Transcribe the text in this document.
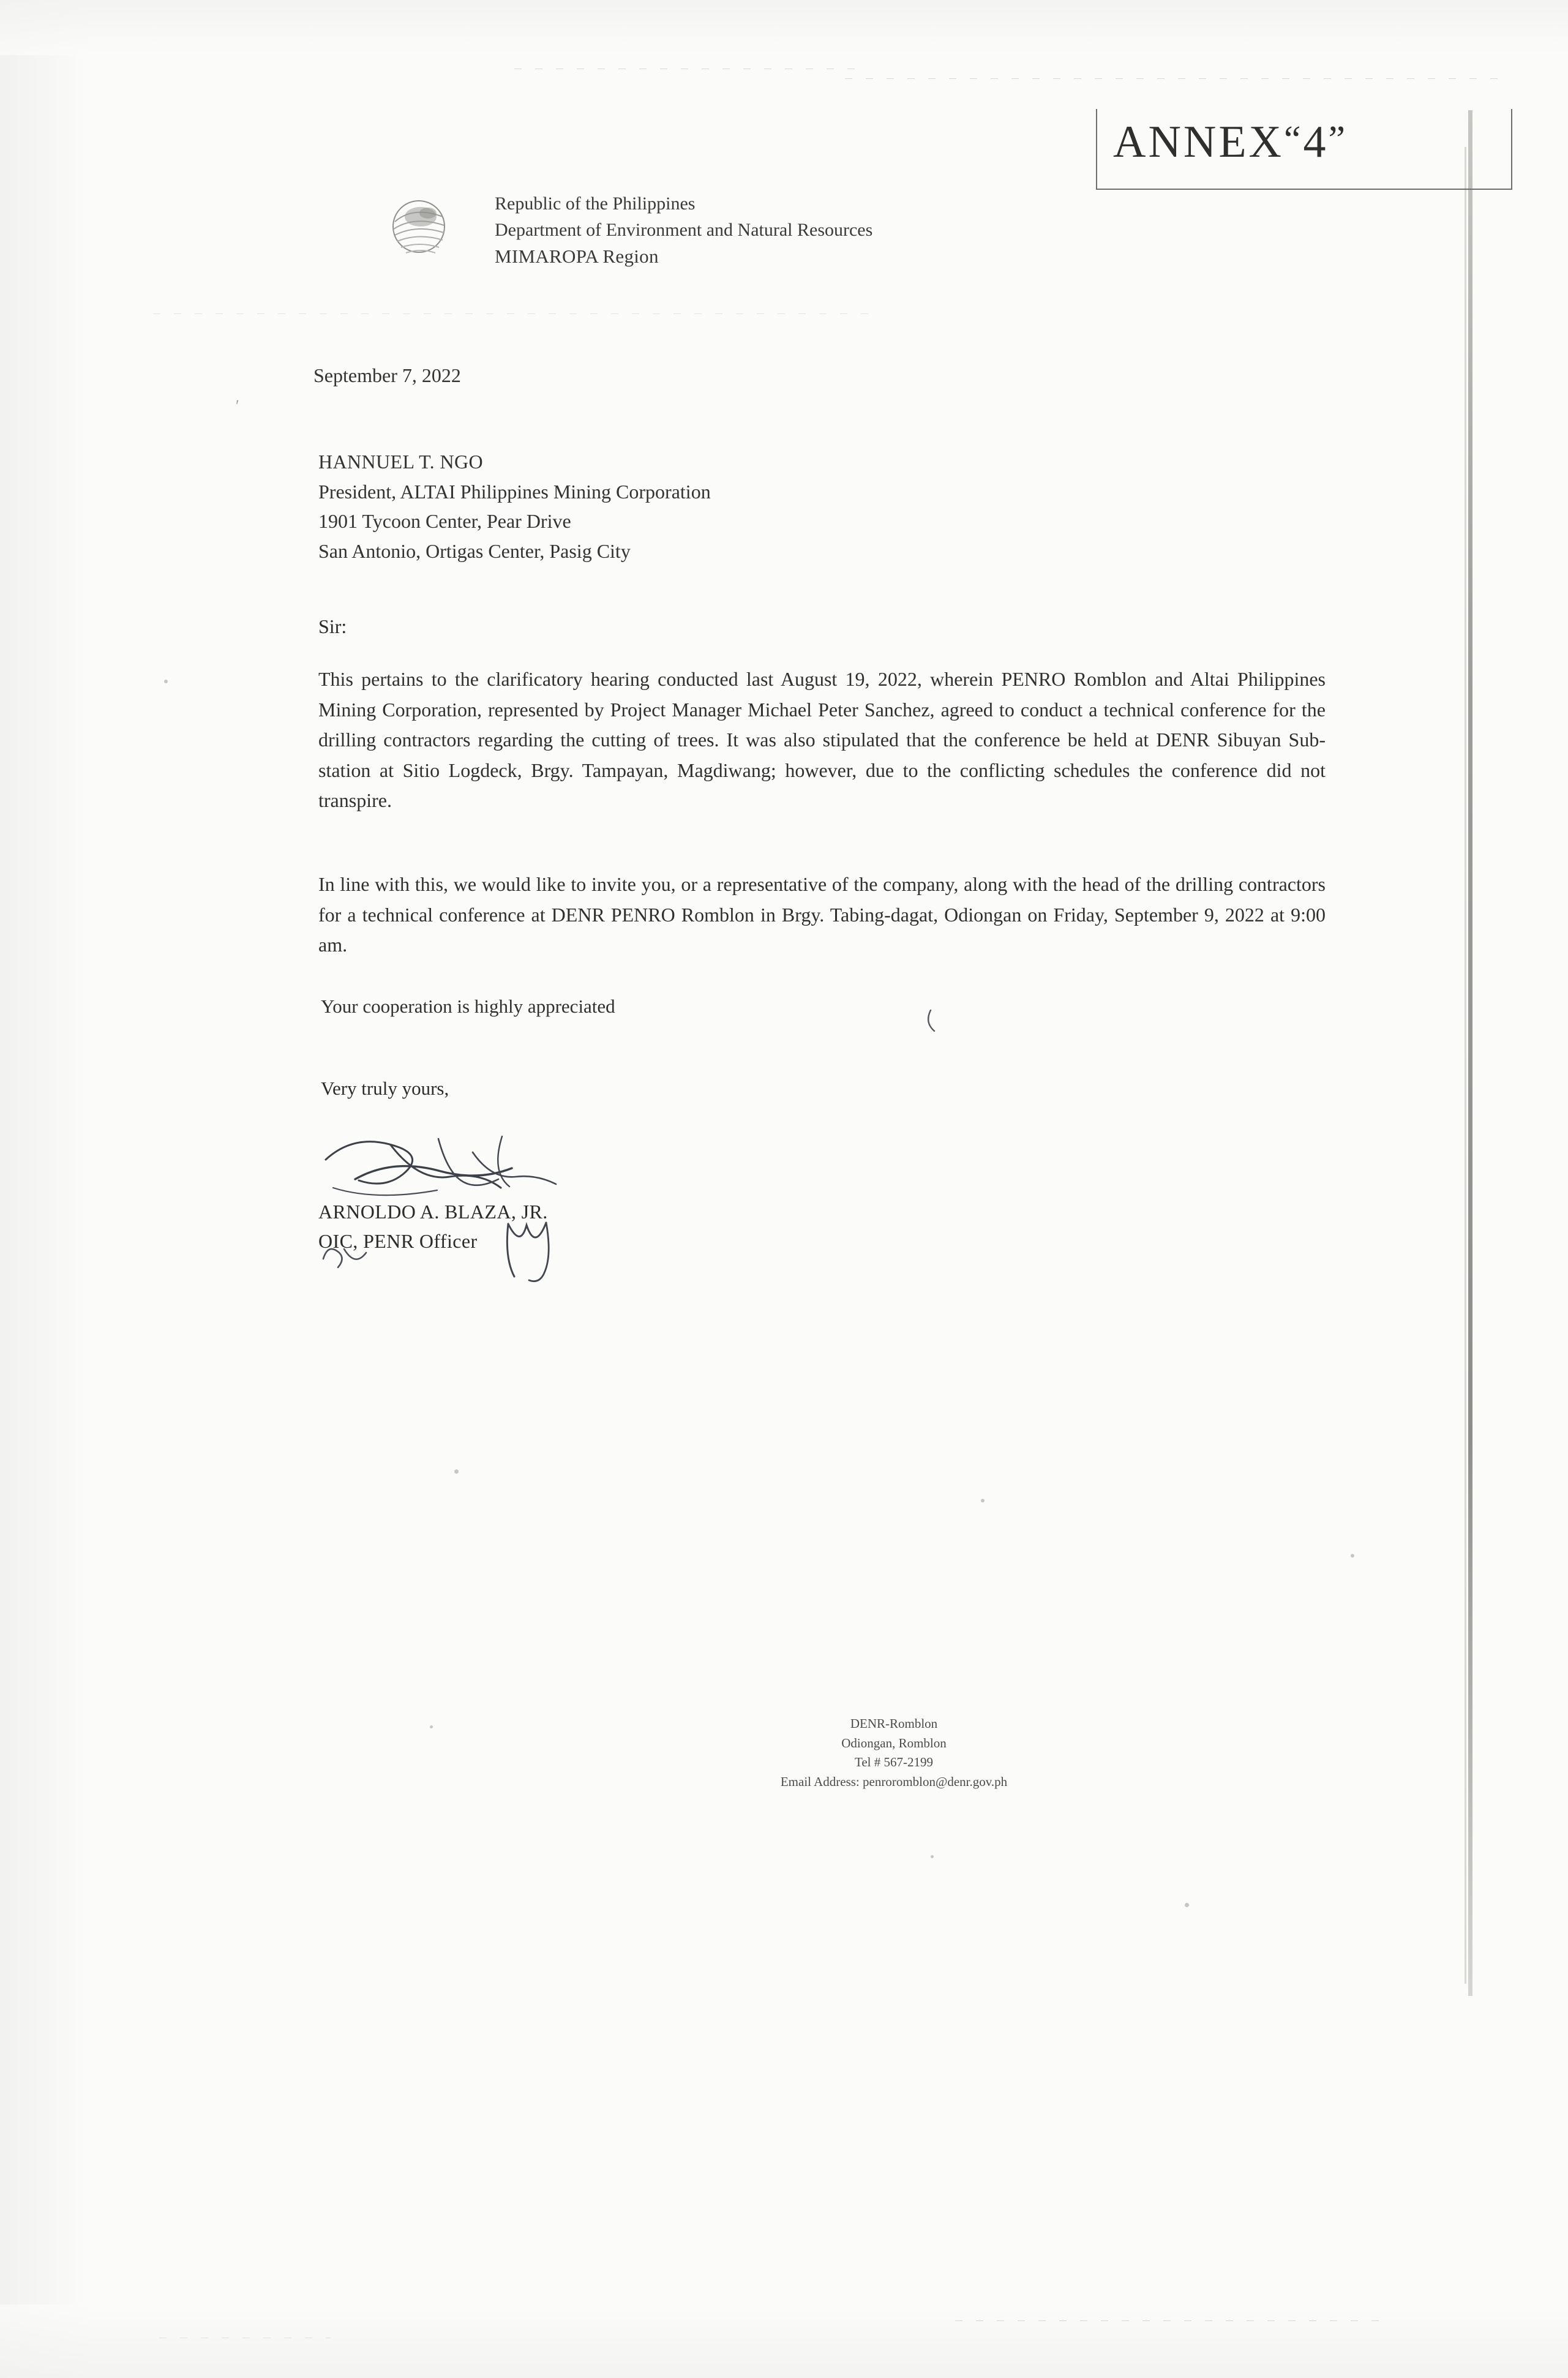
ANNEX“4”
Republic of the Philippines
Department of Environment and Natural Resources
MIMAROPA Region
September 7, 2022
ʹ
HANNUEL T. NGO
President, ALTAI Philippines Mining Corporation
1901 Tycoon Center, Pear Drive
San Antonio, Ortigas Center, Pasig City
Sir:
This pertains to the clarificatory hearing conducted last August 19, 2022, wherein PENRO Romblon and Altai Philippines Mining Corporation, represented by Project Manager Michael Peter Sanchez, agreed to conduct a technical conference for the drilling contractors regarding the cutting of trees. It was also stipulated that the conference be held at DENR Sibuyan Sub-station at Sitio Logdeck, Brgy. Tampayan, Magdiwang; however, due to the conflicting schedules the conference did not transpire.
In line with this, we would like to invite you, or a representative of the company, along with the head of the drilling contractors for a technical conference at DENR PENRO Romblon in Brgy. Tabing-dagat, Odiongan on Friday, September 9, 2022 at 9:00 am.
Your cooperation is highly appreciated
Very truly yours,
ARNOLDO A. BLAZA, JR.
OIC, PENR Officer
DENR-Romblon
Odiongan, Romblon
Tel # 567-2199
Email Address: penroromblon@denr.gov.ph
